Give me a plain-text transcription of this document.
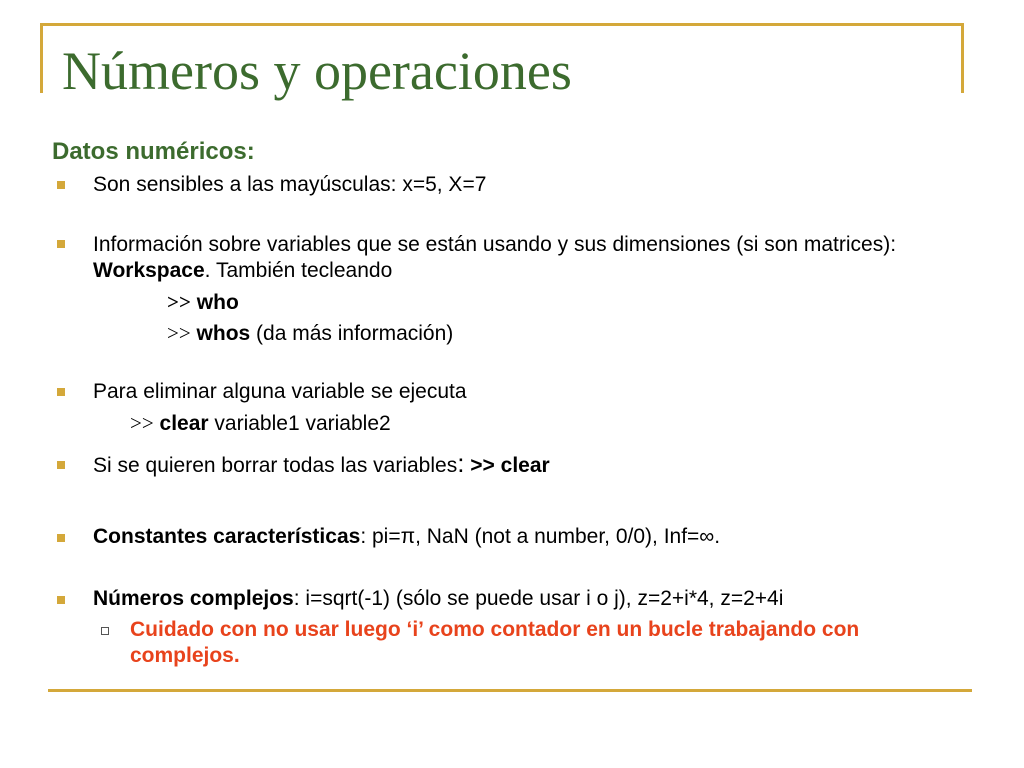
Números y operaciones
Datos numéricos:
Son sensibles a las mayúsculas: x=5, X=7
Información sobre variables que se están usando y sus dimensiones (si son matrices): Workspace. También tecleando
>> who
>> whos (da más información)
Para eliminar alguna variable se ejecuta
>> clear variable1 variable2
Si se quieren borrar todas las variables: >> clear
Constantes características: pi=π, NaN (not a number, 0/0), Inf=∞.
Números complejos: i=sqrt(-1) (sólo se puede usar i o j), z=2+i*4, z=2+4i
Cuidado con no usar luego ‘i’ como contador en un bucle trabajando con complejos.
